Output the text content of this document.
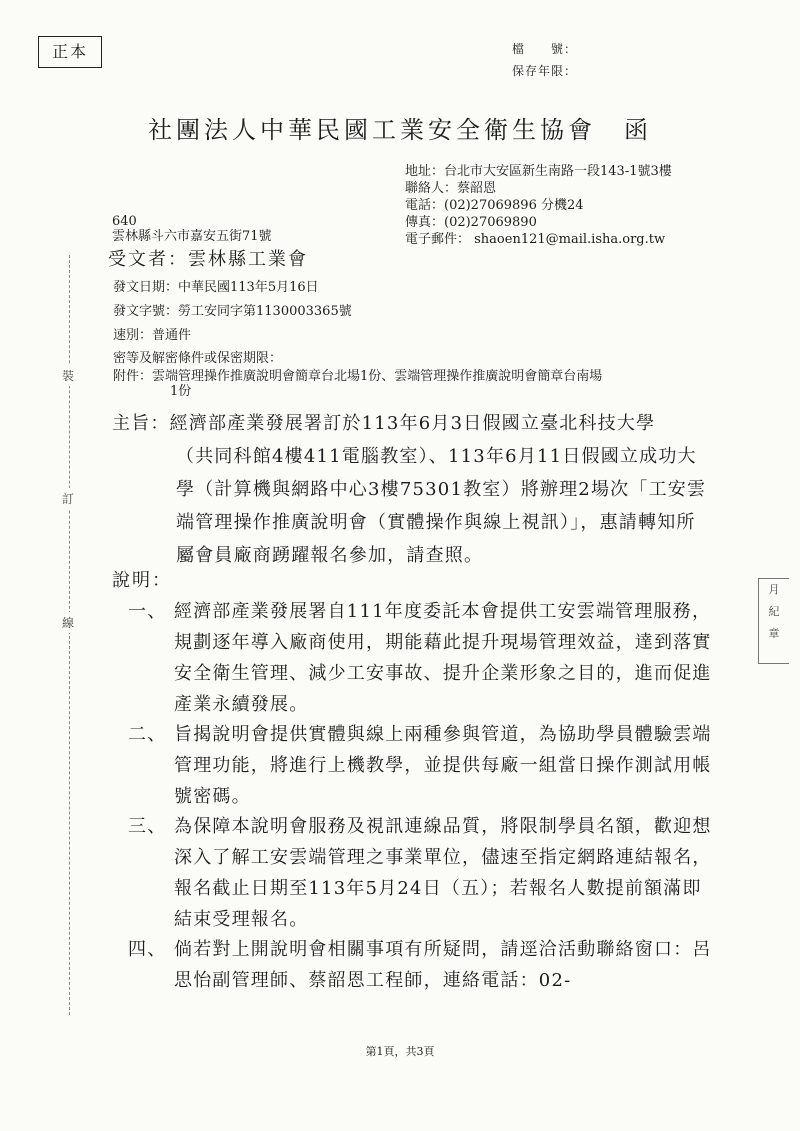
正本	檔　　號：
保存年限：
社團法人中華民國工業安全衛生協會　函
地址：台北市大安區新生南路一段143-1號3樓
聯絡人：蔡韶恩
電話：(02)27069896 分機24
傳真：(02)27069890
電子郵件： shaoen121@mail.isha.org.tw
640
雲林縣斗六市嘉安五街71號
受文者：雲林縣工業會
發文日期：中華民國113年5月16日
發文字號：勞工安同字第1130003365號
速別：普通件
密等及解密條件或保密期限：
附件：雲端管理操作推廣說明會簡章台北場1份、雲端管理操作推廣說明會簡章台南場
1份
主旨：經濟部產業發展署訂於113年6月3日假國立臺北科技大學
（共同科館4樓411電腦教室）、113年6月11日假國立成功大學（計算機與網路中心3樓75301教室）將辦理2場次「工安雲端管理操作推廣說明會（實體操作與線上視訊）」，惠請轉知所屬會員廠商踴躍報名參加，請查照。
說明：
一、 經濟部產業發展署自111年度委託本會提供工安雲端管理服務，規劃逐年導入廠商使用，期能藉此提升現場管理效益，達到落實安全衛生管理、減少工安事故、提升企業形象之目的，進而促進產業永續發展。
二、 旨揭說明會提供實體與線上兩種參與管道，為協助學員體驗雲端管理功能，將進行上機教學，並提供每廠一組當日操作測試用帳號密碼。
三、 為保障本說明會服務及視訊連線品質，將限制學員名額，歡迎想深入了解工安雲端管理之事業單位，儘速至指定網路連結報名，報名截止日期至113年5月24日（五）；若報名人數提前額滿即結束受理報名。
四、 倘若對上開說明會相關事項有所疑問，請逕洽活動聯絡窗口：呂思怡副管理師、蔡韶恩工程師，連絡電話：02-
裝
訂
線
月
紀
章
第1頁，共3頁
